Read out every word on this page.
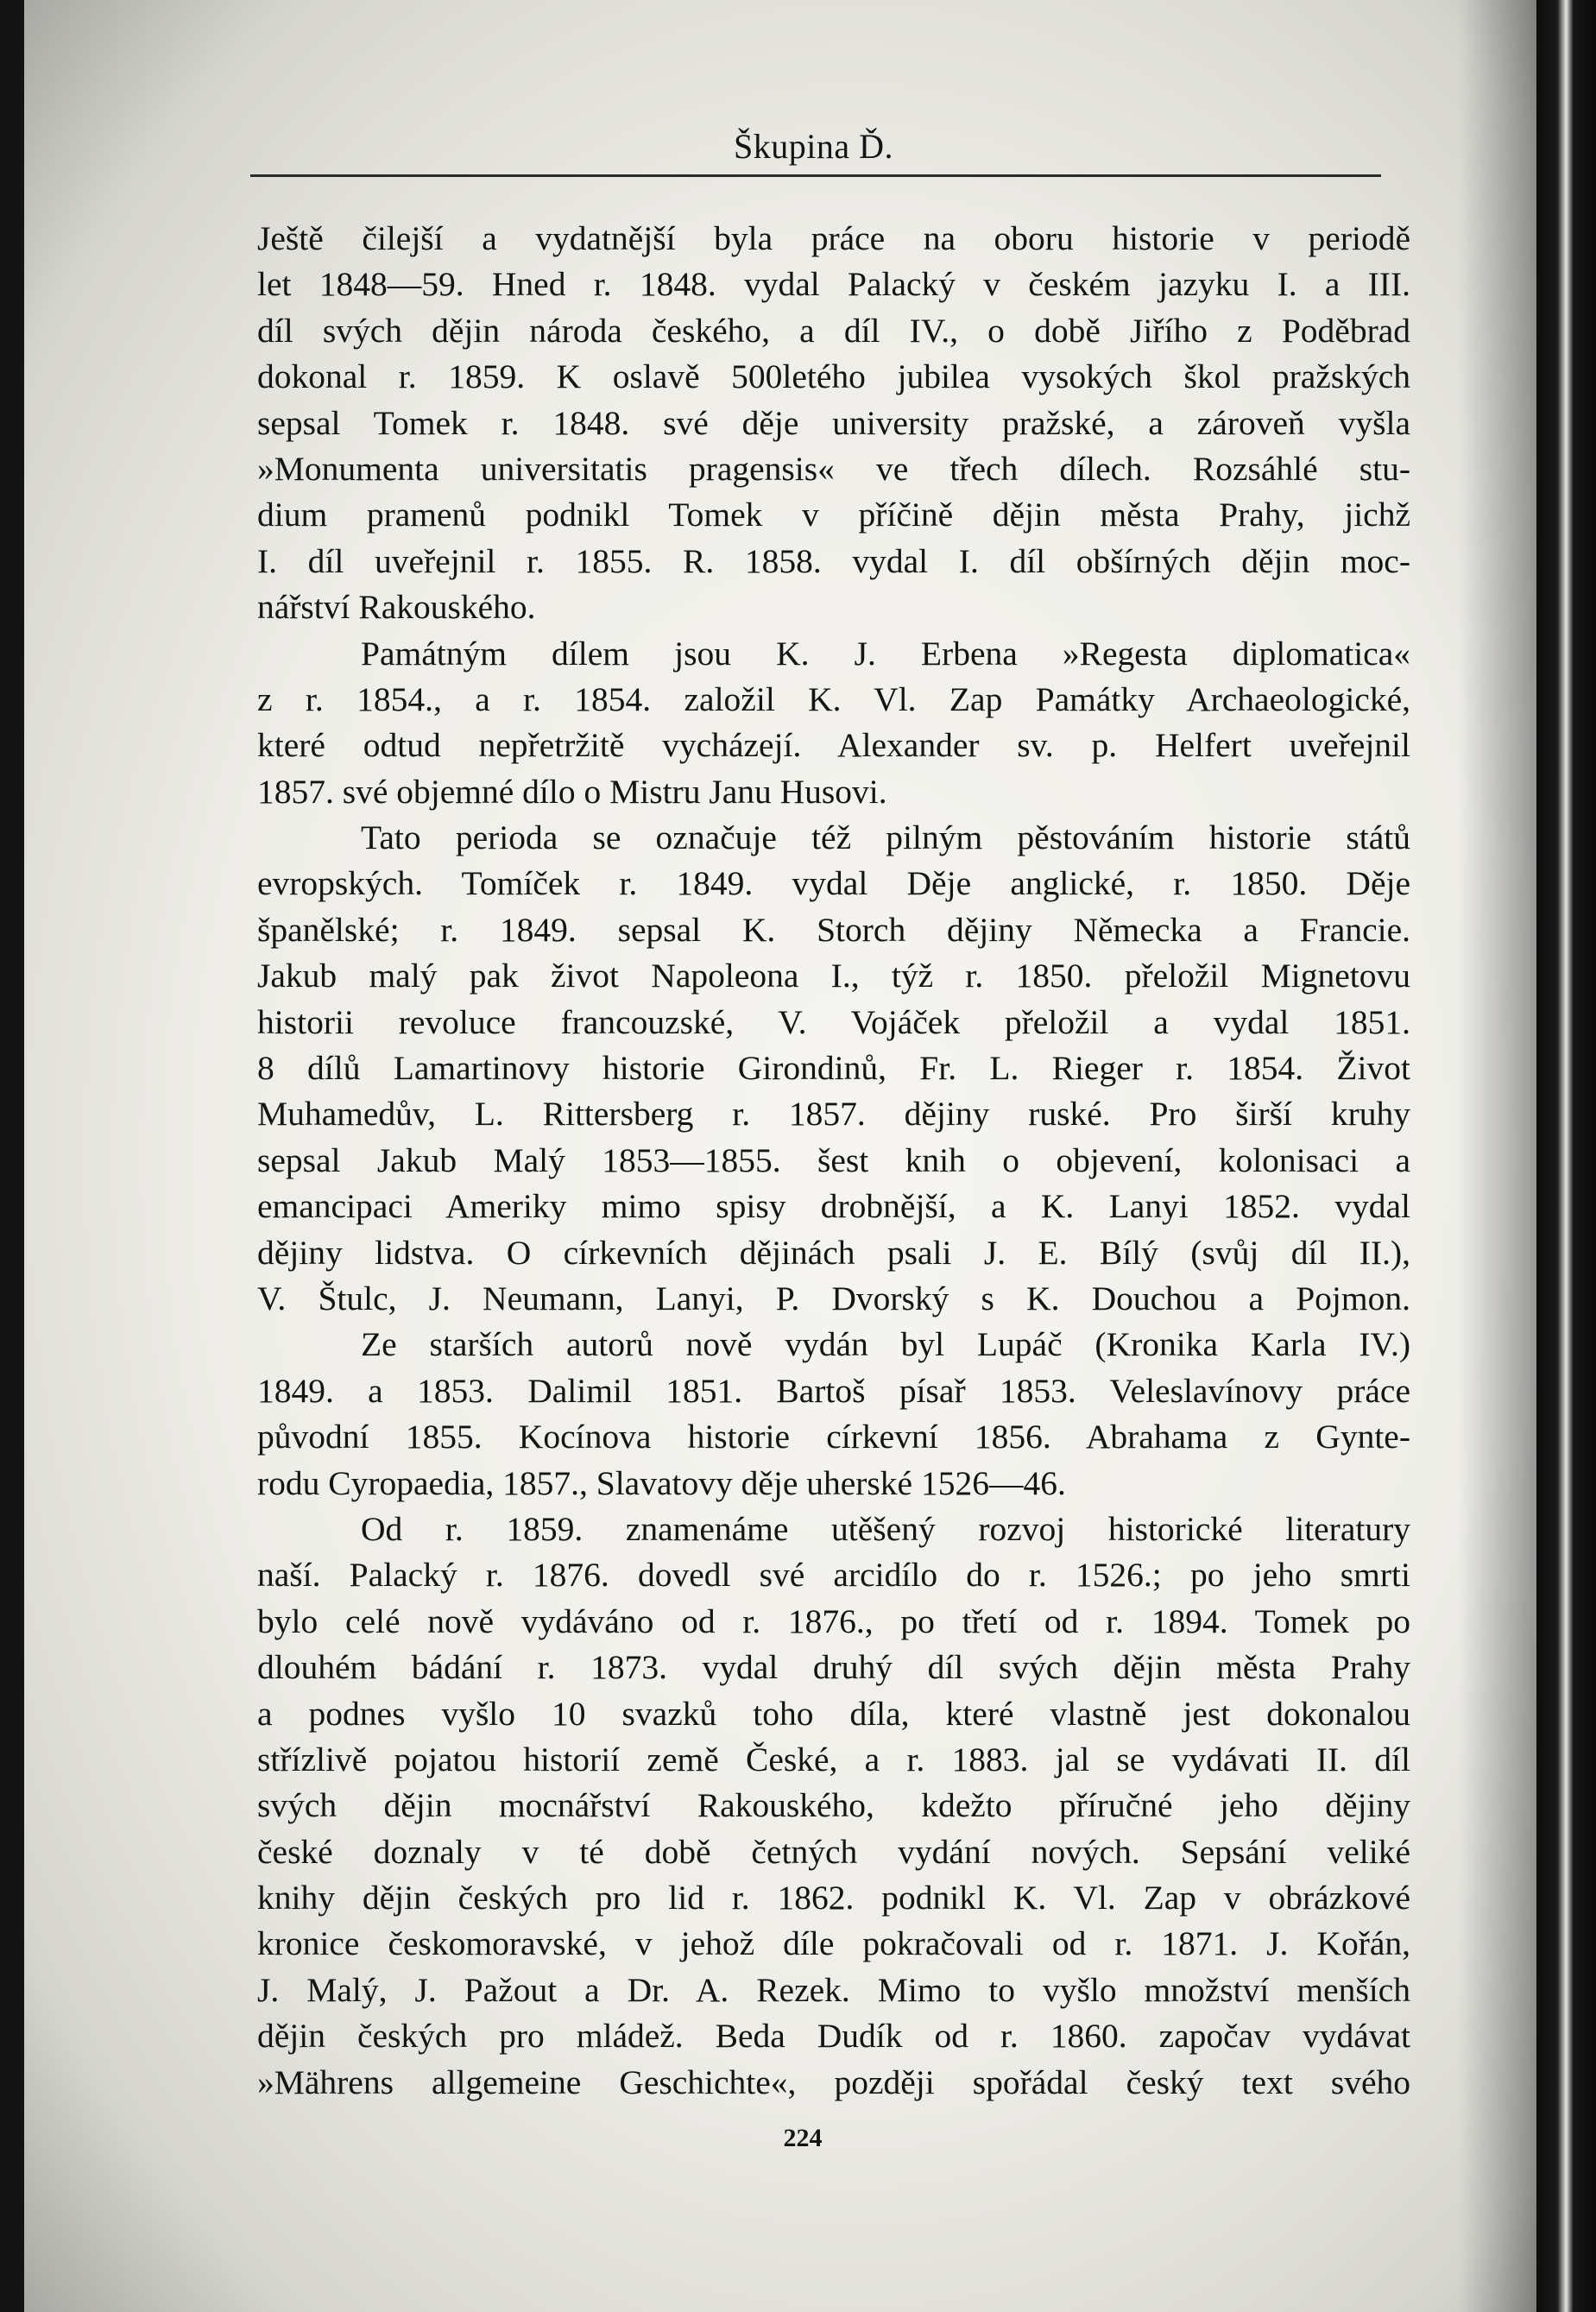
Škupina Ď.
Ještě čilejší a vydatnější byla práce na oboru historie v periodě
let 1848—59. Hned r. 1848. vydal Palacký v českém jazyku I. a III.
díl svých dějin národa českého, a díl IV., o době Jiřího z Poděbrad
dokonal r. 1859. K oslavě 500letého jubilea vysokých škol pražských
sepsal Tomek r. 1848. své děje university pražské, a zároveň vyšla
»Monumenta universitatis pragensis« ve třech dílech. Rozsáhlé stu-
dium pramenů podnikl Tomek v příčině dějin města Prahy, jichž
I. díl uveřejnil r. 1855. R. 1858. vydal I. díl obšírných dějin moc-
nářství Rakouského.
Památným dílem jsou K. J. Erbena »Regesta diplomatica«
z r. 1854., a r. 1854. založil K. Vl. Zap Památky Archaeologické,
které odtud nepřetržitě vycházejí. Alexander sv. p. Helfert uveřejnil
1857. své objemné dílo o Mistru Janu Husovi.
Tato perioda se označuje též pilným pěstováním historie států
evropských. Tomíček r. 1849. vydal Děje anglické, r. 1850. Děje
španělské; r. 1849. sepsal K. Storch dějiny Německa a Francie.
Jakub malý pak život Napoleona I., týž r. 1850. přeložil Mignetovu
historii revoluce francouzské, V. Vojáček přeložil a vydal 1851.
8 dílů Lamartinovy historie Girondinů, Fr. L. Rieger r. 1854. Život
Muhamedův, L. Rittersberg r. 1857. dějiny ruské. Pro širší kruhy
sepsal Jakub Malý 1853—1855. šest knih o objevení, kolonisaci a
emancipaci Ameriky mimo spisy drobnější, a K. Lanyi 1852. vydal
dějiny lidstva. O církevních dějinách psali J. E. Bílý (svůj díl II.),
V. Štulc, J. Neumann, Lanyi, P. Dvorský s K. Douchou a Pojmon.
Ze starších autorů nově vydán byl Lupáč (Kronika Karla IV.)
1849. a 1853. Dalimil 1851. Bartoš písař 1853. Veleslavínovy práce
původní 1855. Kocínova historie církevní 1856. Abrahama z Gynte-
rodu Cyropaedia, 1857., Slavatovy děje uherské 1526—46.
Od r. 1859. znamenáme utěšený rozvoj historické literatury
naší. Palacký r. 1876. dovedl své arcidílo do r. 1526.; po jeho smrti
bylo celé nově vydáváno od r. 1876., po třetí od r. 1894. Tomek po
dlouhém bádání r. 1873. vydal druhý díl svých dějin města Prahy
a podnes vyšlo 10 svazků toho díla, které vlastně jest dokonalou
střízlivě pojatou historií země České, a r. 1883. jal se vydávati II. díl
svých dějin mocnářství Rakouského, kdežto příručné jeho dějiny
české doznaly v té době četných vydání nových. Sepsání veliké
knihy dějin českých pro lid r. 1862. podnikl K. Vl. Zap v obrázkové
kronice českomoravské, v jehož díle pokračovali od r. 1871. J. Kořán,
J. Malý, J. Pažout a Dr. A. Rezek. Mimo to vyšlo množství menších
dějin českých pro mládež. Beda Dudík od r. 1860. započav vydávat
»Mährens allgemeine Geschichte«, později spořádal český text svého
224
